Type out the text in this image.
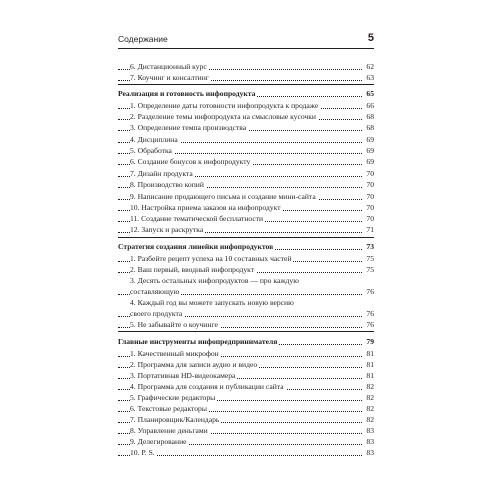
Содержание	5
6. Дистанционный курс	62
7. Коучинг и консалтинг	63
Реализация и готовность инфопродукта	65
1. Определение даты готовности инфопродукта к продаже	66
2. Разделение темы инфопродукта на смысловые кусочки	68
3. Определение темпа производства	68
4. Дисциплина	69
5. Обработка	69
6. Создание бонусов к инфопродукту	69
7. Дизайн продукта	70
8. Производство копий	70
9. Написание продающего письма и создание мини-сайта	70
10. Настройка приема заказов на инфопродукт	70
11. Создание тематической бесплатности	70
12. Запуск и раскрутка	71
Стратегия создания линейки инфопродуктов	73
1. Разбейте рецепт успеха на 10 составных частей	75
2. Ваш первый, вводный инфопродукт	75
3. Десять остальных инфопродуктов — про каждую
составляющую	76
4. Каждый год вы можете запускать новую версию
своего продукта	76
5. Не забывайте о коучинге	76
Главные инструменты инфопредпринимателя	79
1. Качественный микрофон	81
2. Программа для записи аудио и видео	81
3. Портативная HD-видеокамера	81
4. Программа для создания и публикации сайта	82
5. Графические редакторы	82
6. Текстовые редакторы	82
7. Планировщик/Календарь	82
8. Управление деньгами	83
9. Делегирование	83
10. P. S.	83
